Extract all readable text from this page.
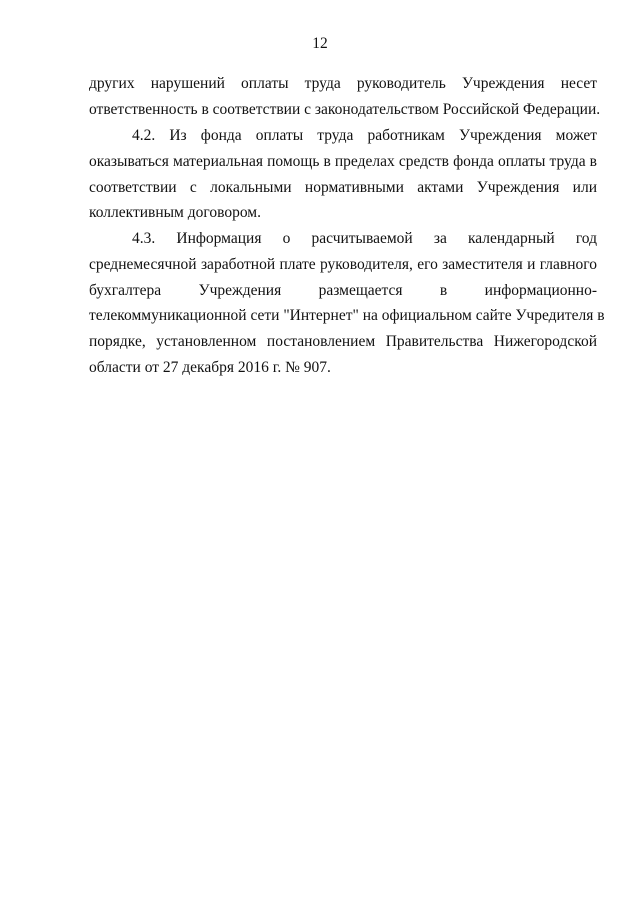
12
других нарушений оплаты труда руководитель Учреждения несет
ответственность в соответствии с законодательством Российской Федерации.
4.2. Из фонда оплаты труда работникам Учреждения может
оказываться материальная помощь в пределах средств фонда оплаты труда в
соответствии с локальными нормативными актами Учреждения или
коллективным договором.
4.3. Информация о расчитываемой за календарный год
среднемесячной заработной плате руководителя, его заместителя и главного
бухгалтера Учреждения размещается в информационно-
телекоммуникационной сети "Интернет" на официальном сайте Учредителя в
порядке, установленном постановлением Правительства Нижегородской
области от 27 декабря 2016 г. № 907.
